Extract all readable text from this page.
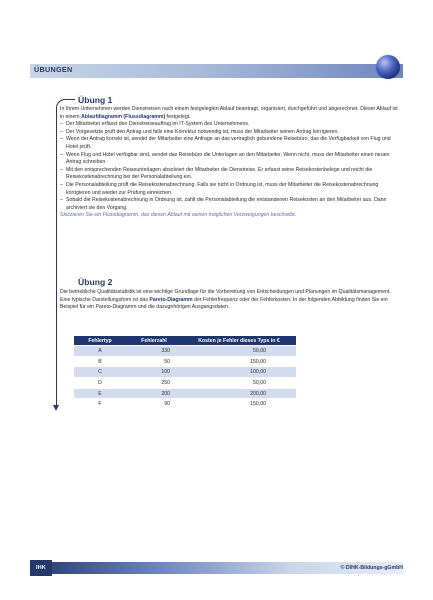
ÜBUNGEN
Übung 1

In Ihrem Unternehmen werden Dienstreisen nach einem festgelegten Ablauf beantragt, organisiert, durchgeführt und abgerechnet. Dieser Ablauf ist in einem Ablaufdiagramm (Flussdiagramm) festgelegt.

– Der Mitarbeiter erfasst den Dienstreiseauftrag im IT-System des Unternehmens.
– Der Vorgesetzte prüft den Antrag und falls eine Korrektur notwendig ist, muss der Mitarbeiter seinen Antrag korrigieren.
– Wenn der Antrag korrekt ist, sendet der Mitarbeiter eine Anfrage an das vertraglich gebundene Reisebüro, das die Verfügbarkeit von Flug und Hotel prüft.
– Wenn Flug und Hotel verfügbar sind, sendet das Reisebüro die Unterlagen an den Mitarbeiter. Wenn nicht, muss der Mitarbeiter einen neuen Antrag schreiben.
– Mit den entsprechenden Reiseunterlagen absolviert der Mitarbeiter die Dienstreise. Er erfasst seine Reisekostenbelege und reicht die Reisekostenabrechnung bei der Personalabteilung ein.
– Die Personalabteilung prüft die Reisekostenabrechnung. Falls sie nicht in Ordnung ist, muss der Mitarbeiter die Reisekostenabrechnung korrigieren und wieder zur Prüfung einreichen.
– Sobald die Reisekostenabrechnung in Ordnung ist, zahlt die Personalabteilung die entstandenen Reisekosten an den Mitarbeiter aus. Dann archiviert sie den Vorgang.

Skizzieren Sie ein Flussdiagramm, das diesen Ablauf mit seinen möglichen Verzweigungen beschreibt.

Übung 2

Die betriebliche Qualitätsstatistik ist eine wichtige Grundlage für die Vorbereitung von Entscheidungen und Planungen im Qualitätsmanagement. Eine typische Darstellungsform ist das Pareto-Diagramm der Fehlerfrequenz oder der Fehlerkosten. In der folgenden Abbildung finden Sie ein Beispiel für ein Pareto-Diagramm und die dazugehörigen Ausgangsdaten.

Fehlertyp	Fehlerzahl	Kosten je Fehler dieses Typs in €
A	330	50,00
B	50	150,00
C	100	100,00
D	250	50,00
E	200	200,00
F	90	150,00
IHK	© DIHK-Bildungs-gGmbH
